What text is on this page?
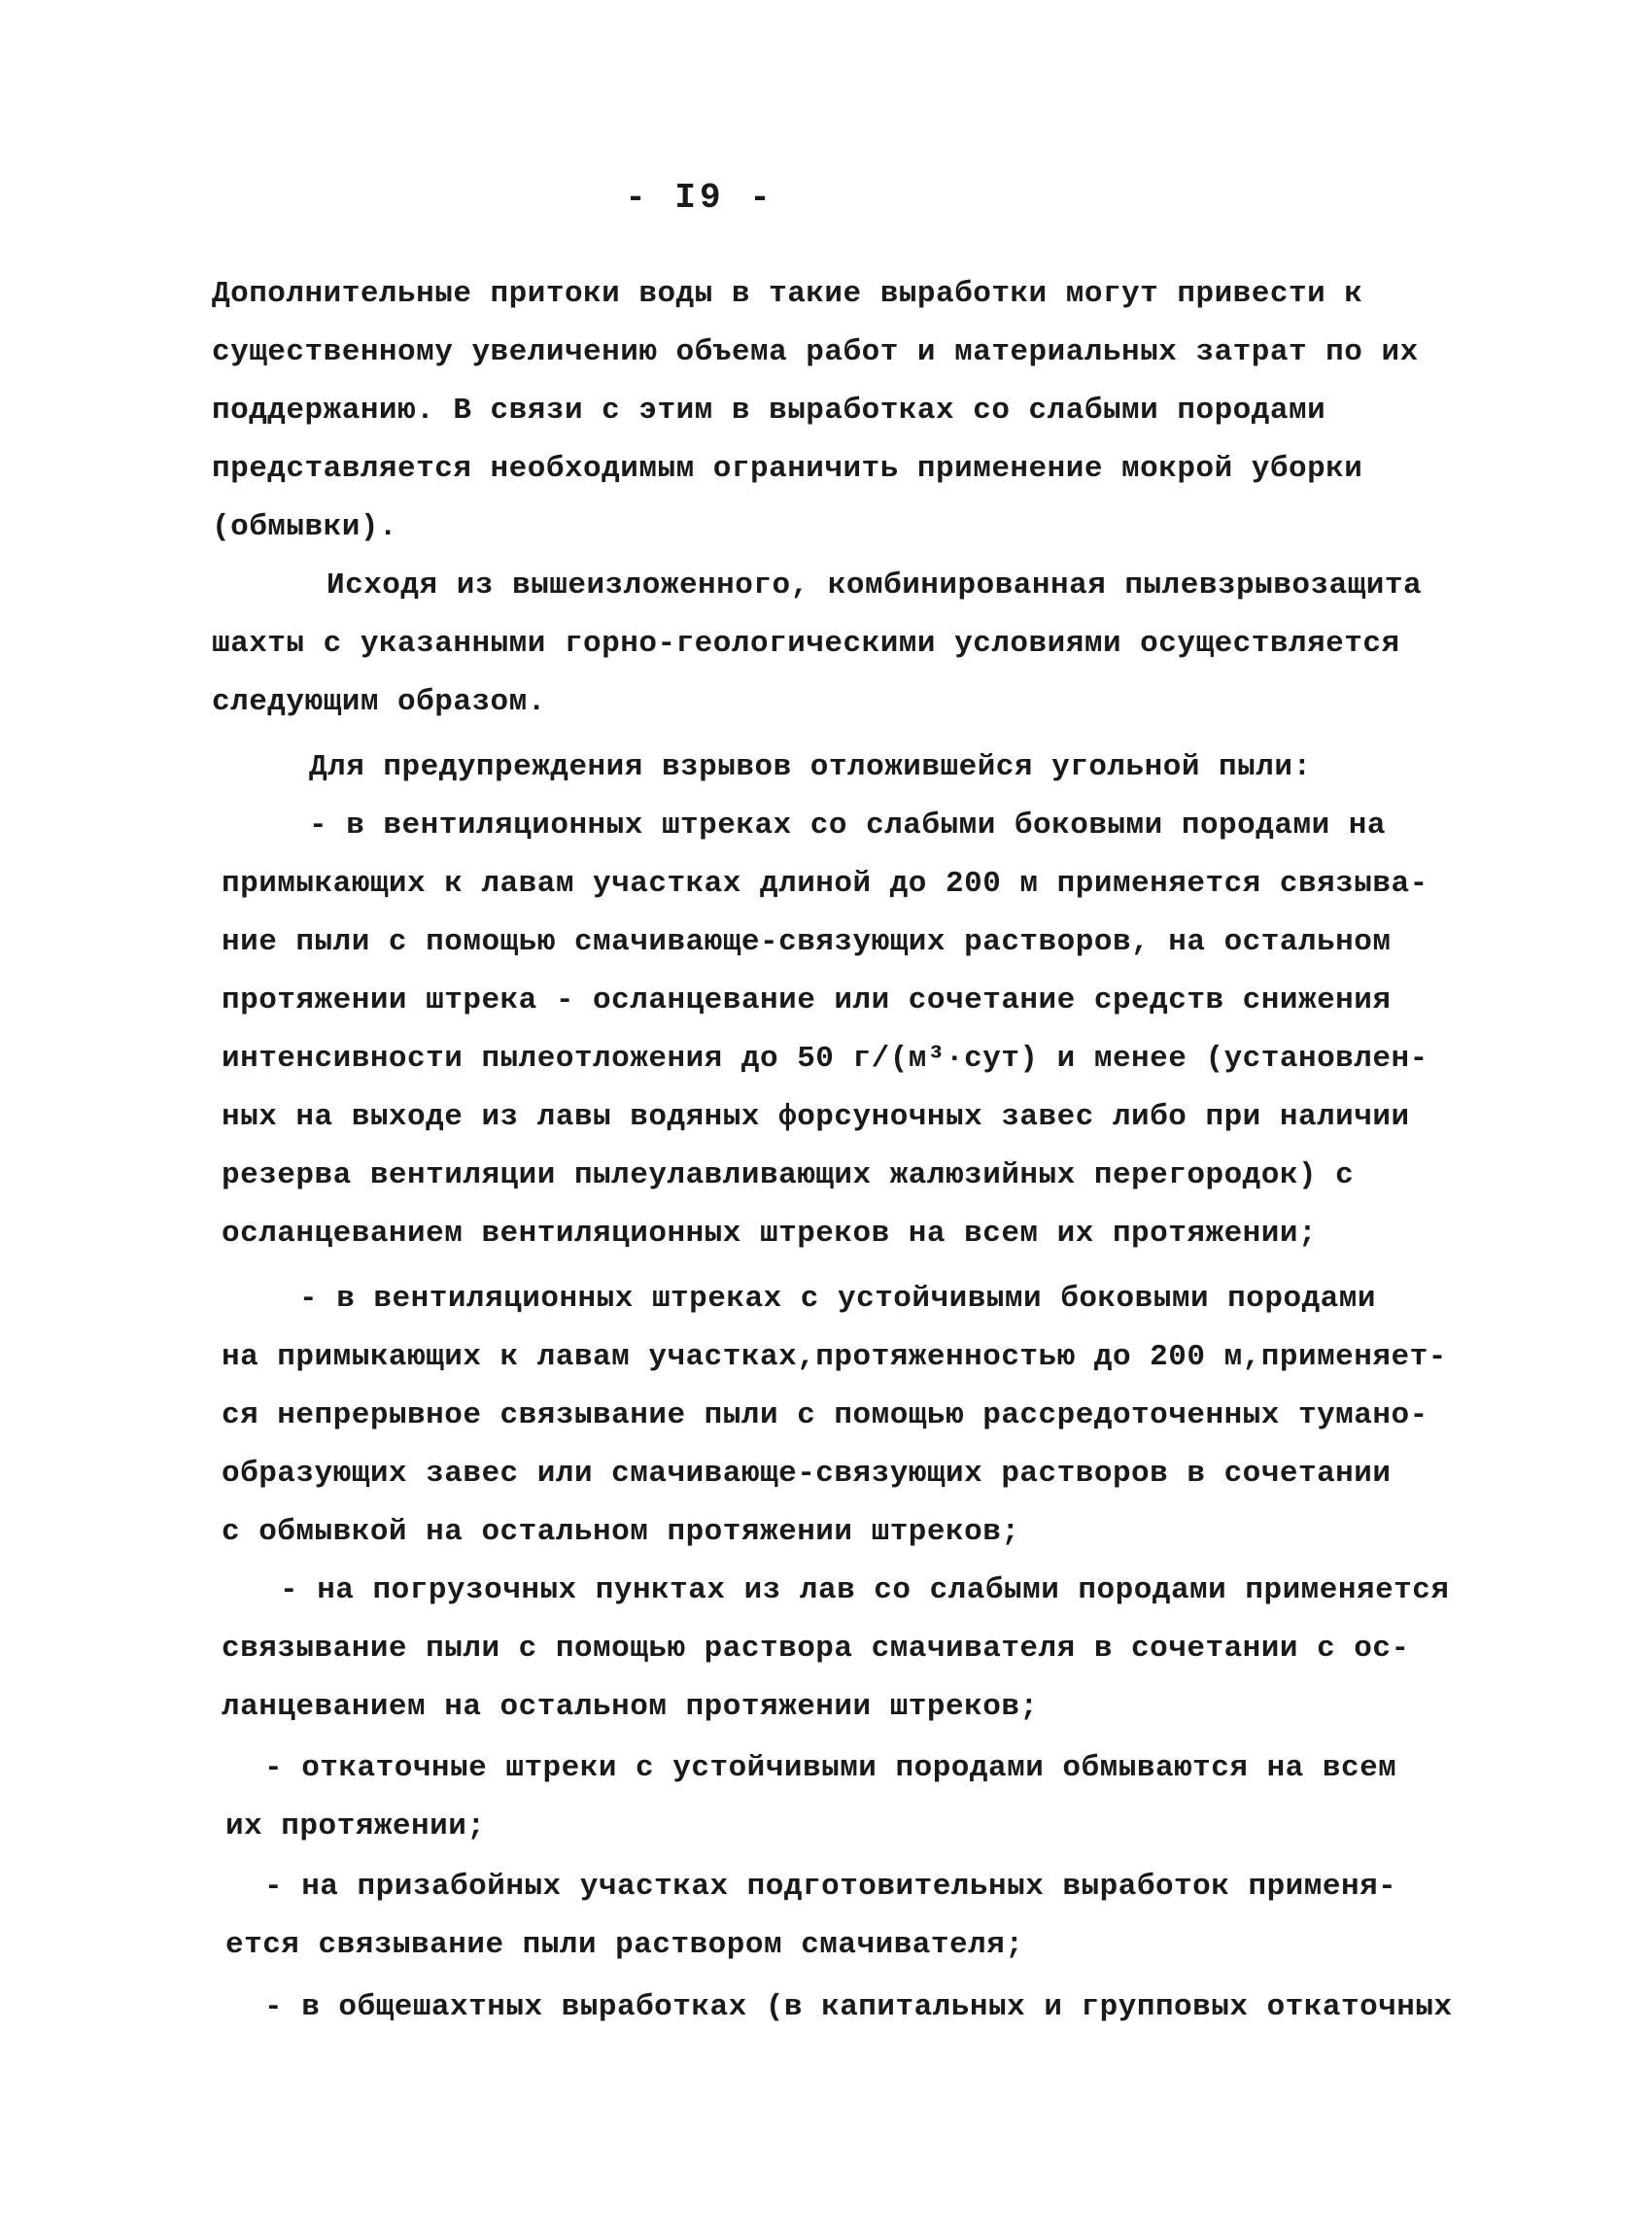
- I9 -
Дополнительные притоки воды в такие выработки могут привести к
существенному увеличению объема работ и материальных затрат по их
поддержанию. В связи с этим в выработках со слабыми породами
представляется необходимым ограничить применение мокрой уборки
(обмывки).
Исходя из вышеизложенного, комбинированная пылевзрывозащита
шахты с указанными горно-геологическими условиями осуществляется
следующим образом.
Для предупреждения взрывов отложившейся угольной пыли:
- в вентиляционных штреках со слабыми боковыми породами на
примыкающих к лавам участках длиной до 200 м применяется связыва-
ние пыли с помощью смачивающе-связующих растворов, на остальном
протяжении штрека - осланцевание или сочетание средств снижения
интенсивности пылеотложения до 50 г/(м³·сут) и менее (установлен-
ных на выходе из лавы водяных форсуночных завес либо при наличии
резерва вентиляции пылеулавливающих жалюзийных перегородок) с
осланцеванием вентиляционных штреков на всем их протяжении;
- в вентиляционных штреках с устойчивыми боковыми породами
на примыкающих к лавам участках,протяженностью до 200 м,применяет-
ся непрерывное связывание пыли с помощью рассредоточенных тумано-
образующих завес или смачивающе-связующих растворов в сочетании
с обмывкой на остальном протяжении штреков;
- на погрузочных пунктах из лав со слабыми породами применяется
связывание пыли с помощью раствора смачивателя в сочетании с ос-
ланцеванием на остальном протяжении штреков;
- откаточные штреки с устойчивыми породами обмываются на всем
их протяжении;
- на призабойных участках подготовительных выработок применя-
ется связывание пыли раствором смачивателя;
- в общешахтных выработках (в капитальных и групповых откаточных
